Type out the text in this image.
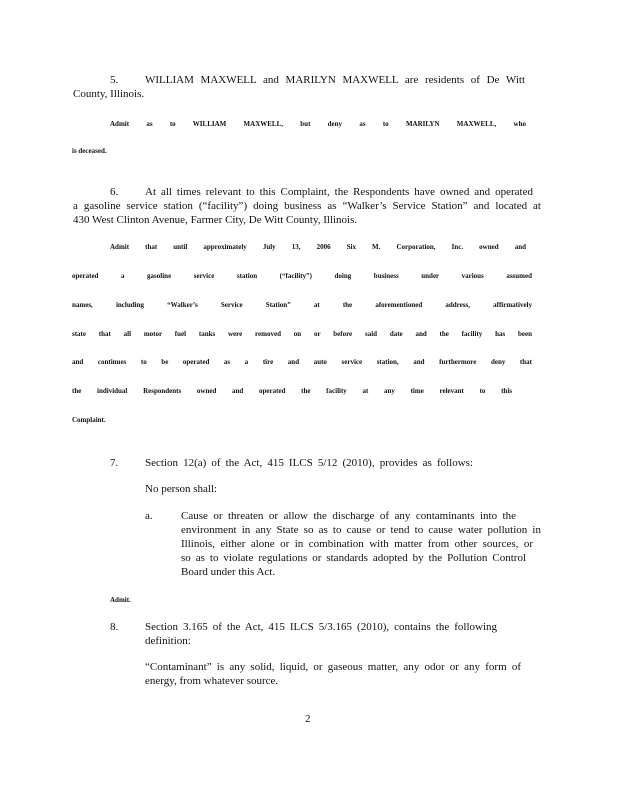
5. WILLIAM MAXWELL and MARILYN MAXWELL are residents of De Witt
County, Illinois.
Admit as to WILLIAM MAXWELL, but deny as to MARILYN MAXWELL, who
is deceased.
6. At all times relevant to this Complaint, the Respondents have owned and operated
a gasoline service station (“facility”) doing business as “Walker’s Service Station” and located at
430 West Clinton Avenue, Farmer City, De Witt County, Illinois.
Admit that until approximately July 13, 2006 Six M. Corporation, Inc. owned and
operated a gasoline service station (“facility”) doing business under various assumed
names, including “Walker’s Service Station” at the aforementioned address, affirmatively
state that all motor fuel tanks were removed on or before said date and the facility has been
and continues to be operated as a tire and auto service station, and furthermore deny that
the individual Respondents owned and operated the facility at any time relevant to this
Complaint.
7. Section 12(a) of the Act, 415 ILCS 5/12 (2010), provides as follows:
No person shall:
a.	Cause or threaten or allow the discharge of any contaminants into the
environment in any State so as to cause or tend to cause water pollution in
Illinois, either alone or in combination with matter from other sources, or
so as to violate regulations or standards adopted by the Pollution Control
Board under this Act.
Admit.
8. Section 3.165 of the Act, 415 ILCS 5/3.165 (2010), contains the following
definition:
“Contaminant” is any solid, liquid, or gaseous matter, any odor or any form of
energy, from whatever source.
2
